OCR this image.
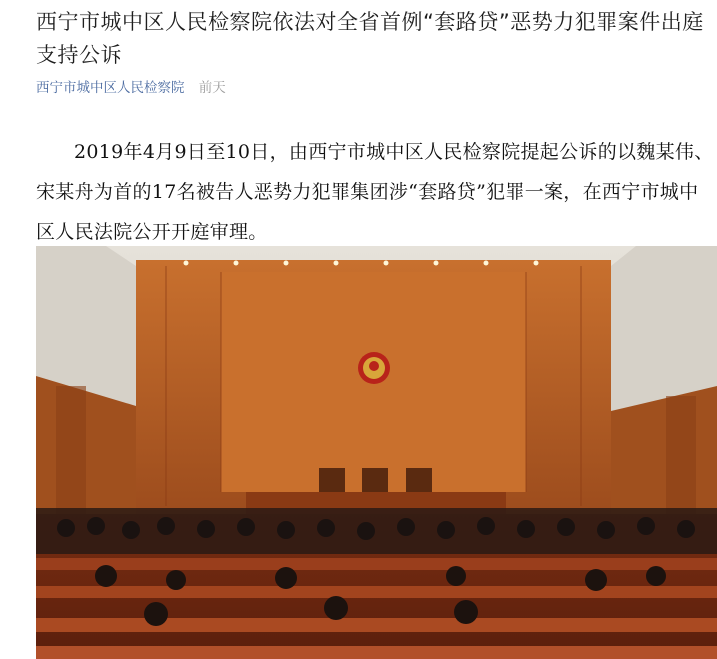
西宁市城中区人民检察院依法对全省首例“套路贷”恶势力犯罪案件出庭支持公诉
西宁市城中区人民检察院 前天
2019年4月9日至10日，由西宁市城中区人民检察院提起公诉的以魏某伟、宋某舟为首的17名被告人恶势力犯罪集团涉“套路贷”犯罪一案，在西宁市城中区人民法院公开开庭审理。
